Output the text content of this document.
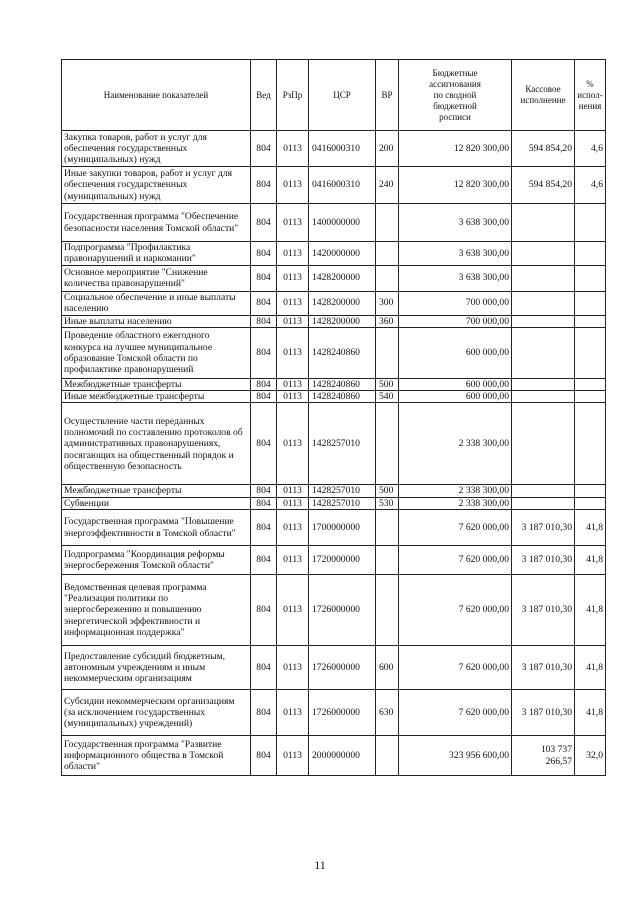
Наименование показателей	Вед	РзПр	ЦСР	ВР	Бюджетные ассигнования по сводной бюджетной росписи	Кассовое исполнение	% испол-нения
Закупка товаров, работ и услуг для обеспечения государственных (муниципальных) нужд	804	0113	0416000310	200	12 820 300,00	594 854,20	4,6
Иные закупки товаров, работ и услуг для обеспечения государственных (муниципальных) нужд	804	0113	0416000310	240	12 820 300,00	594 854,20	4,6
Государственная программа "Обеспечение безопасности населения Томской области"	804	0113	1400000000		3 638 300,00		
Подпрограмма "Профилактика правонарушений и наркомании"	804	0113	1420000000		3 638 300,00		
Основное мероприятие "Снижение количества правонарушений"	804	0113	1428200000		3 638 300,00		
Социальное обеспечение и иные выплаты населению	804	0113	1428200000	300	700 000,00		
Иные выплаты населению	804	0113	1428200000	360	700 000,00		
Проведение областного ежегодного конкурса на лучшее муниципальное образование Томской области по профилактике правонарушений	804	0113	1428240860		600 000,00		
Межбюджетные трансферты	804	0113	1428240860	500	600 000,00		
Иные межбюджетные трансферты	804	0113	1428240860	540	600 000,00		
Осуществление части переданных полномочий по составлению протоколов об административных правонарушениях, посягающих на общественный порядок и общественную безопасность	804	0113	1428257010		2 338 300,00		
Межбюджетные трансферты	804	0113	1428257010	500	2 338 300,00		
Субвенции	804	0113	1428257010	530	2 338 300,00		
Государственная программа "Повышение энергоэффективности в Томской области"	804	0113	1700000000		7 620 000,00	3 187 010,30	41,8
Подпрограмма "Координация реформы энергосбережения Томской области"	804	0113	1720000000		7 620 000,00	3 187 010,30	41,8
Ведомственная целевая программа "Реализация политики по энергосбережению и повышению энергетической эффективности и информационная поддержка"	804	0113	1726000000		7 620 000,00	3 187 010,30	41,8
Предоставление субсидий бюджетным, автономным учреждениям и иным некоммерческим организациям	804	0113	1726000000	600	7 620 000,00	3 187 010,30	41,8
Субсидии некоммерческим организациям (за исключением государственных (муниципальных) учреждений)	804	0113	1726000000	630	7 620 000,00	3 187 010,30	41,8
Государственная программа "Развитие информационного общества в Томской области"	804	0113	2000000000		323 956 600,00	103 737 266,57	32,0
11
